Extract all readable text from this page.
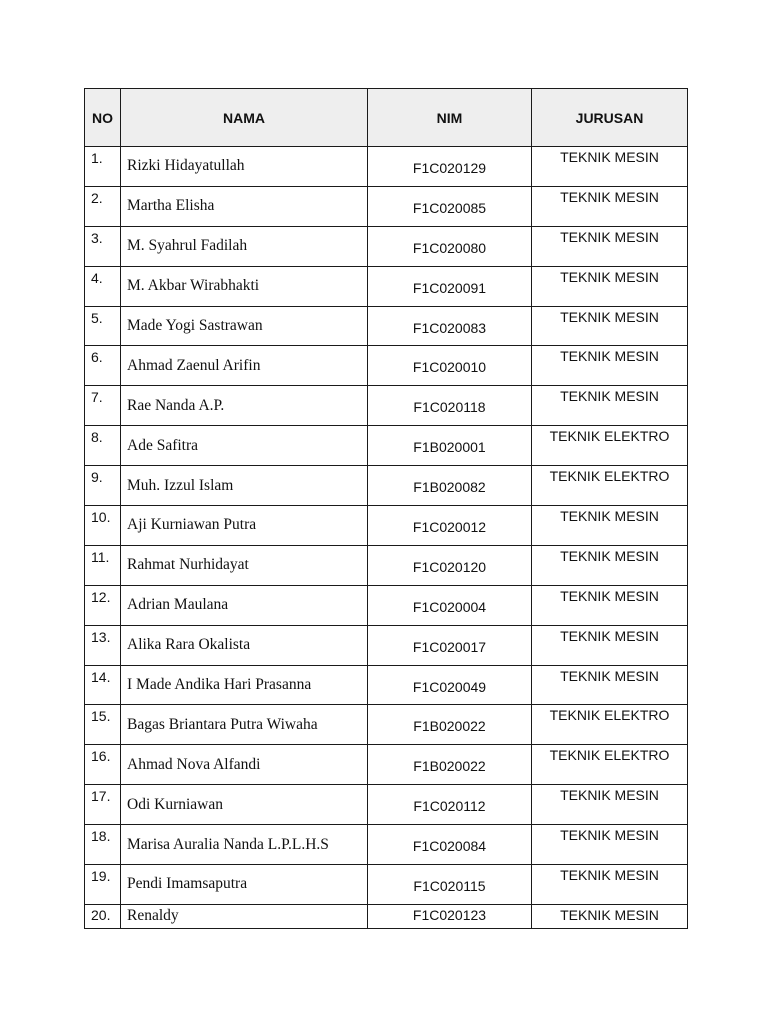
NO	NAMA	NIM	JURUSAN
1.	Rizki Hidayatullah	F1C020129	TEKNIK MESIN
2.	Martha Elisha	F1C020085	TEKNIK MESIN
3.	M. Syahrul Fadilah	F1C020080	TEKNIK MESIN
4.	M. Akbar Wirabhakti	F1C020091	TEKNIK MESIN
5.	Made Yogi Sastrawan	F1C020083	TEKNIK MESIN
6.	Ahmad Zaenul Arifin	F1C020010	TEKNIK MESIN
7.	Rae Nanda A.P.	F1C020118	TEKNIK MESIN
8.	Ade Safitra	F1B020001	TEKNIK ELEKTRO
9.	Muh. Izzul Islam	F1B020082	TEKNIK ELEKTRO
10.	Aji Kurniawan Putra	F1C020012	TEKNIK MESIN
11.	Rahmat Nurhidayat	F1C020120	TEKNIK MESIN
12.	Adrian Maulana	F1C020004	TEKNIK MESIN
13.	Alika Rara Okalista	F1C020017	TEKNIK MESIN
14.	I Made Andika Hari Prasanna	F1C020049	TEKNIK MESIN
15.	Bagas Briantara Putra Wiwaha	F1B020022	TEKNIK ELEKTRO
16.	Ahmad Nova Alfandi	F1B020022	TEKNIK ELEKTRO
17.	Odi Kurniawan	F1C020112	TEKNIK MESIN
18.	Marisa Auralia Nanda L.P.L.H.S	F1C020084	TEKNIK MESIN
19.	Pendi Imamsaputra	F1C020115	TEKNIK MESIN
20.	Renaldy	F1C020123	TEKNIK MESIN
